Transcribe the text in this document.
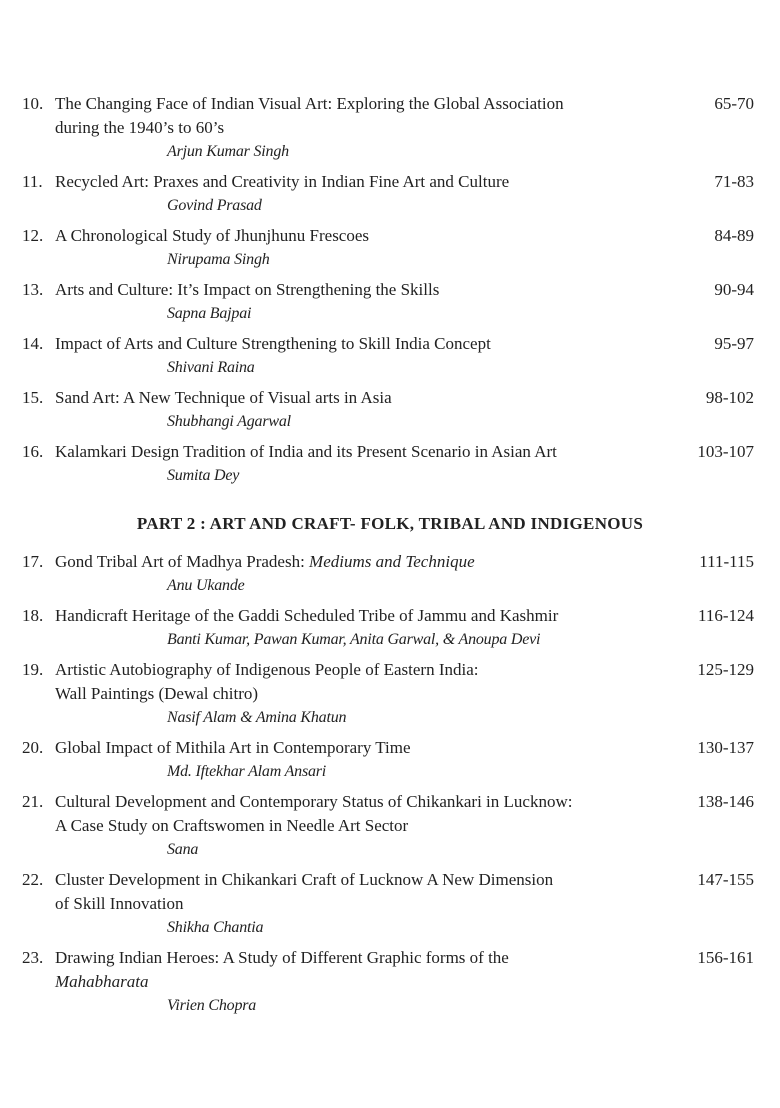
10. The Changing Face of Indian Visual Art: Exploring the Global Association
during the 1940’s to 60’s
Arjun Kumar Singh
65-70
11. Recycled Art: Praxes and Creativity in Indian Fine Art and Culture
Govind Prasad
71-83
12. A Chronological Study of Jhunjhunu Frescoes
Nirupama Singh
84-89
13. Arts and Culture: It’s Impact on Strengthening the Skills
Sapna Bajpai
90-94
14. Impact of Arts and Culture Strengthening to Skill India Concept
Shivani Raina
95-97
15. Sand Art: A New Technique of Visual arts in Asia
Shubhangi Agarwal
98-102
16. Kalamkari Design Tradition of India and its Present Scenario in Asian Art
Sumita Dey
103-107
PART 2 : ART AND CRAFT- FOLK, TRIBAL AND INDIGENOUS
17. Gond Tribal Art of Madhya Pradesh: Mediums and Technique
Anu Ukande
111-115
18. Handicraft Heritage of the Gaddi Scheduled Tribe of Jammu and Kashmir
Banti Kumar, Pawan Kumar, Anita Garwal, & Anoupa Devi
116-124
19. Artistic Autobiography of Indigenous People of Eastern India:
Wall Paintings (Dewal chitro)
Nasif Alam & Amina Khatun
125-129
20. Global Impact of Mithila Art in Contemporary Time
Md. Iftekhar Alam Ansari
130-137
21. Cultural Development and Contemporary Status of Chikankari in Lucknow:
A Case Study on Craftswomen in Needle Art Sector
Sana
138-146
22. Cluster Development in Chikankari Craft of Lucknow A New Dimension
of Skill Innovation
Shikha Chantia
147-155
23. Drawing Indian Heroes: A Study of Different Graphic forms of the
Mahabharata
Virien Chopra
156-161
